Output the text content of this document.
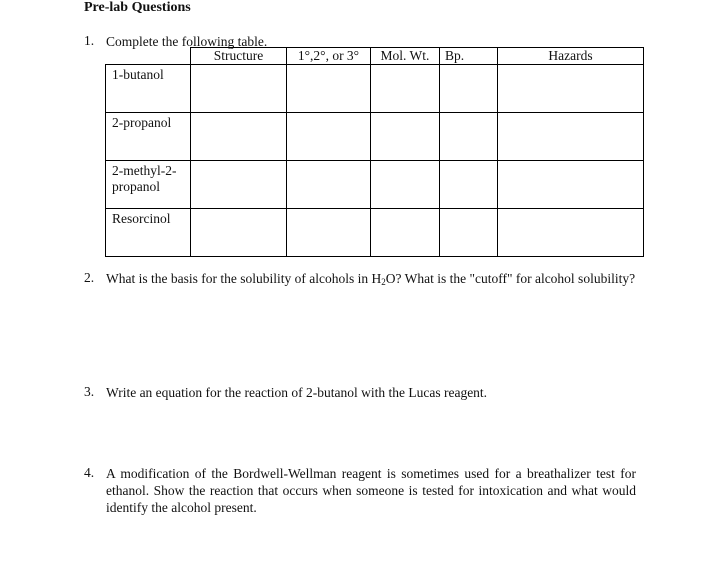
Pre-lab Questions
1. Complete the following table.
	Structure	1°,2°, or 3°	Mol. Wt.	Bp.	Hazards
1-butanol					
2-propanol					
2-methyl-2-propanol					
Resorcinol					
2. What is the basis for the solubility of alcohols in $H_2O$? What is the "cutoff" for alcohol solubility?
3. Write an equation for the reaction of 2-butanol with the Lucas reagent.
4. A modification of the Bordwell-Wellman reagent is sometimes used for a breathalizer test for ethanol. Show the reaction that occurs when someone is tested for intoxication and what would identify the alcohol present.
